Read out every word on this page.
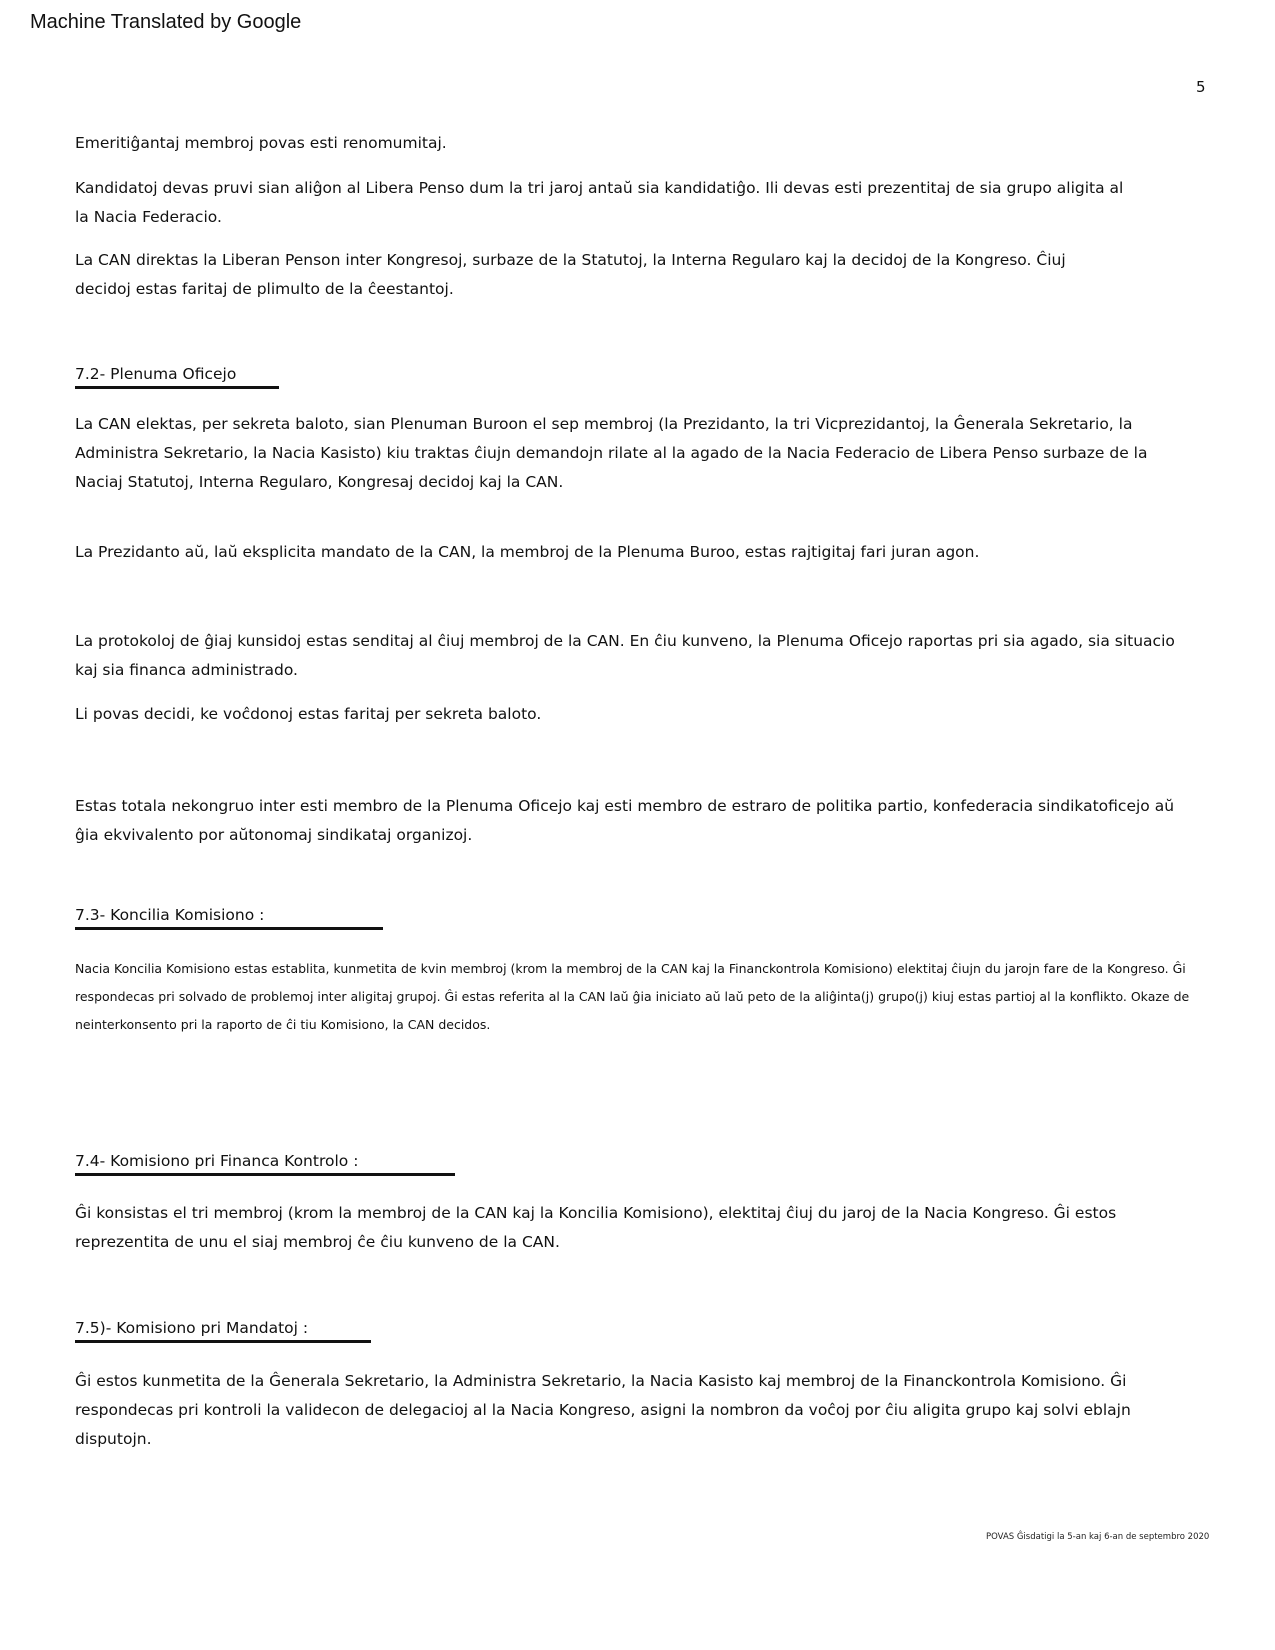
Machine Translated by Google
5

Emeritiĝantaj membroj povas esti renomumitaj.

Kandidatoj devas pruvi sian aliĝon al Libera Penso dum la tri jaroj antaŭ sia kandidatiĝo. Ili devas esti prezentitaj de sia grupo aligita al la Nacia Federacio.

La CAN direktas la Liberan Penson inter Kongresoj, surbaze de la Statutoj, la Interna Regularo kaj la decidoj de la Kongreso. Ĉiuj decidoj estas faritaj de plimulto de la ĉeestantoj.

7.2- Plenuma Oficejo

La CAN elektas, per sekreta baloto, sian Plenuman Buroon el sep membroj (la Prezidanto, la tri Vicprezidantoj, la Ĝenerala Sekretario, la Administra Sekretario, la Nacia Kasisto) kiu traktas ĉiujn demandojn rilate al la agado de la Nacia Federacio de Libera Penso surbaze de la Naciaj Statutoj, Interna Regularo, Kongresaj decidoj kaj la CAN.

La Prezidanto aŭ, laŭ eksplicita mandato de la CAN, la membroj de la Plenuma Buroo, estas rajtigitaj fari juran agon.

La protokoloj de ĝiaj kunsidoj estas senditaj al ĉiuj membroj de la CAN. En ĉiu kunveno, la Plenuma Oficejo raportas pri sia agado, sia situacio kaj sia financa administrado.

Li povas decidi, ke voĉdonoj estas faritaj per sekreta baloto.

Estas totala nekongruo inter esti membro de la Plenuma Oficejo kaj esti membro de estraro de politika partio, konfederacia sindikatoficejo aŭ ĝia ekvivalento por aŭtonomaj sindikataj organizoj.

7.3- Koncilia Komisiono :

Nacia Koncilia Komisiono estas establita, kunmetita de kvin membroj (krom la membroj de la CAN kaj la Financkontrola Komisiono) elektitaj ĉiujn du jarojn fare de la Kongreso. Ĝi respondecas pri solvado de problemoj inter aligitaj grupoj. Ĝi estas referita al la CAN laŭ ĝia iniciato aŭ laŭ peto de la aliĝinta(j) grupo(j) kiuj estas partioj al la konflikto. Okaze de neinterkonsento pri la raporto de ĉi tiu Komisiono, la CAN decidos.

7.4- Komisiono pri Financa Kontrolo :

Ĝi konsistas el tri membroj (krom la membroj de la CAN kaj la Koncilia Komisiono), elektitaj ĉiuj du jaroj de la Nacia Kongreso. Ĝi estos reprezentita de unu el siaj membroj ĉe ĉiu kunveno de la CAN.

7.5)- Komisiono pri Mandatoj :

Ĝi estos kunmetita de la Ĝenerala Sekretario, la Administra Sekretario, la Nacia Kasisto kaj membroj de la Financkontrola Komisiono. Ĝi respondecas pri kontroli la validecon de delegacioj al la Nacia Kongreso, asigni la nombron da voĉoj por ĉiu aligita grupo kaj solvi eblajn disputojn.

POVAS Ĝisdatigi la 5-an kaj 6-an de septembro 2020
